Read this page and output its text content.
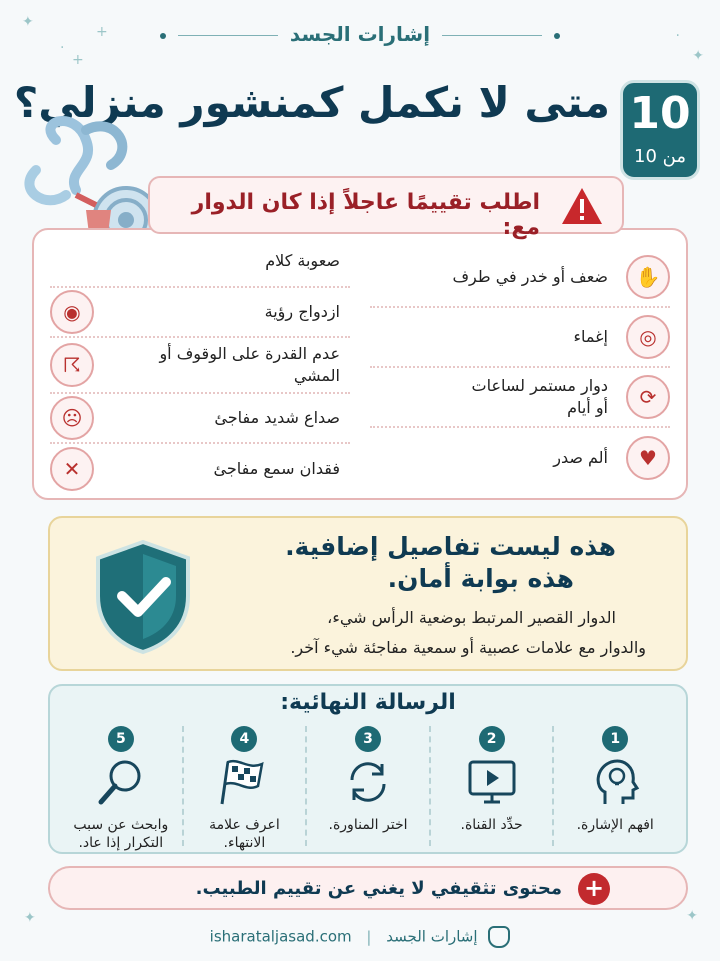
✦
·
+
+
·
✦
✦	✦
إشارات الجسد
10
من 10
متى لا نكمل كمنشور منزلي؟
✋
ضعف أو خدر في طرف
◎
إغماء
⟳
دوار مستمر لساعات أو أيام
♥
ألم صدر
صعوبة كلام
◉	ازدواج رؤية
☈	عدم القدرة على الوقوف أو المشي
☹	صداع شديد مفاجئ
✕	فقدان سمع مفاجئ
اطلب تقييمًا عاجلاً إذا كان الدوار مع:
هذه ليست تفاصيل إضافية.
هذه بوابة أمان.
الدوار القصير المرتبط بوضعية الرأس شيء،
والدوار مع علامات عصبية أو سمعية مفاجئة شيء آخر.
الرسالة النهائية:
1
افهم الإشارة.
2
حدِّد القناة.
3
اختر المناورة.
4
اعرف علامة الانتهاء.
5
وابحث عن سبب التكرار إذا عاد.
+
محتوى تثقيفي لا يغني عن تقييم الطبيب.
إشارات الجسد | isharataljasad.com
